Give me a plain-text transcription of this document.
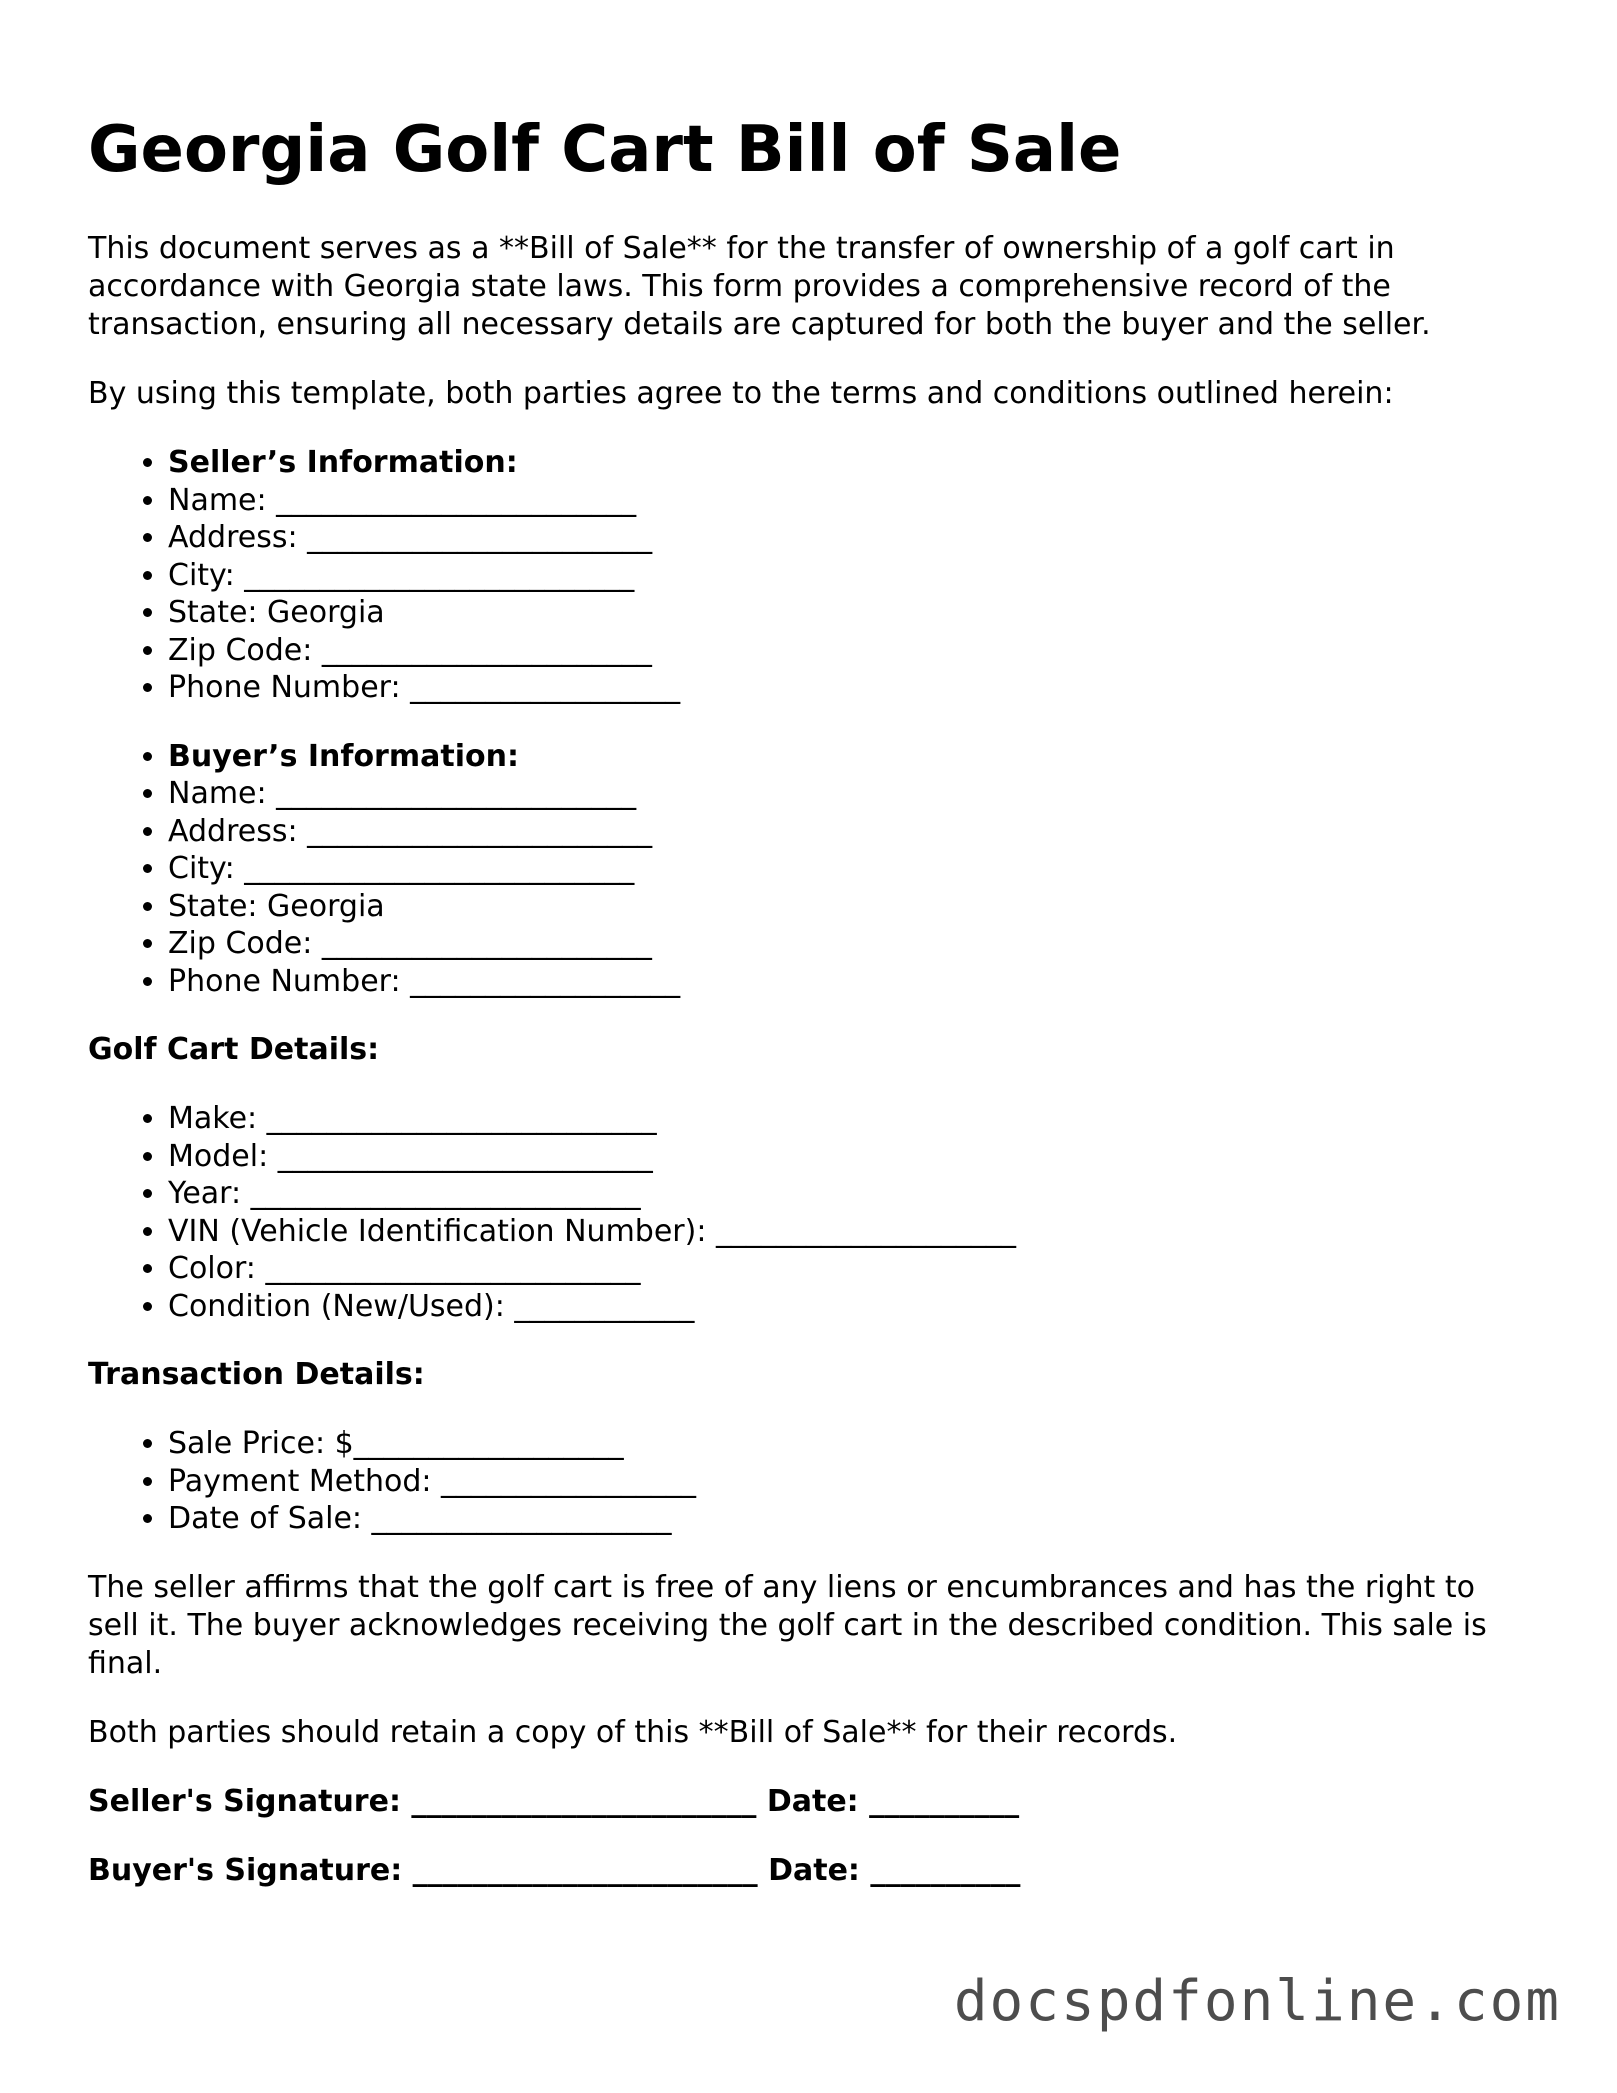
Georgia Golf Cart Bill of Sale

This document serves as a **Bill of Sale** for the transfer of ownership of a golf cart in accordance with Georgia state laws. This form provides a comprehensive record of the transaction, ensuring all necessary details are captured for both the buyer and the seller.

By using this template, both parties agree to the terms and conditions outlined herein:

• Seller’s Information:
• Name: ________________________
• Address: _______________________
• City: __________________________
• State: Georgia
• Zip Code: ______________________
• Phone Number: __________________
• Buyer’s Information:
• Name: ________________________
• Address: _______________________
• City: __________________________
• State: Georgia
• Zip Code: ______________________
• Phone Number: __________________
Golf Cart Details:
• Make: __________________________
• Model: _________________________
• Year: __________________________
• VIN (Vehicle Identification Number): ____________________
• Color: _________________________
• Condition (New/Used): ____________
Transaction Details:
• Sale Price: $__________________
• Payment Method: _________________
• Date of Sale: ____________________

The seller affirms that the golf cart is free of any liens or encumbrances and has the right to sell it. The buyer acknowledges receiving the golf cart in the described condition. This sale is final.

Both parties should retain a copy of this **Bill of Sale** for their records.

Seller's Signature: _______________________ Date: __________
Buyer's Signature: _______________________ Date: __________
docspdfonline.com
